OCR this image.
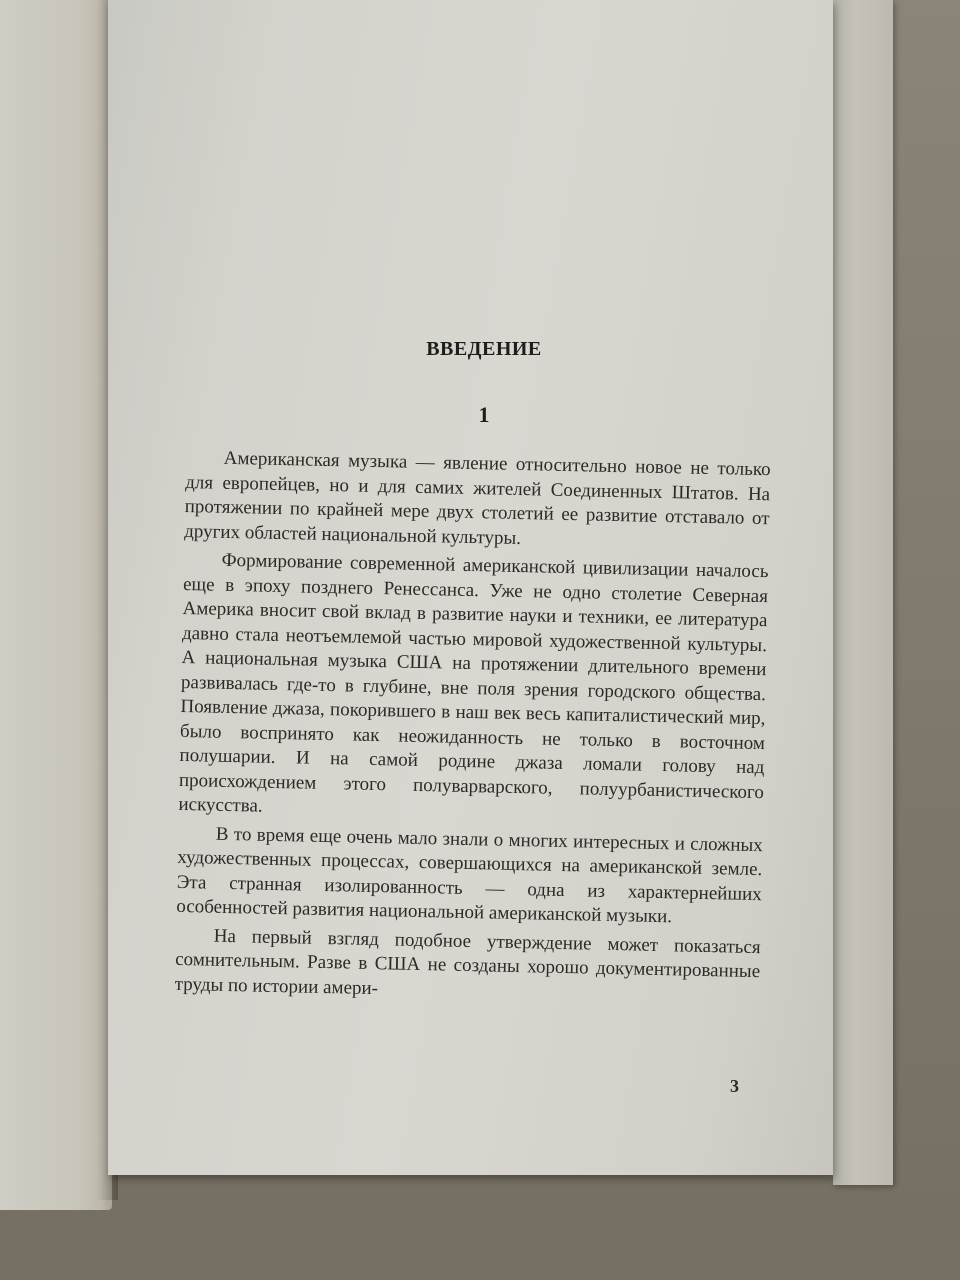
ВВЕДЕНИЕ
1

Американская музыка — явление относительно новое не только для европейцев, но и для самих жителей Соединенных Штатов. На протяжении по крайней мере двух столетий ее развитие отставало от других областей национальной культуры.

Формирование современной американской цивилизации началось еще в эпоху позднего Ренессанса. Уже не одно столетие Северная Америка вносит свой вклад в развитие науки и техники, ее литература давно стала неотъемлемой частью мировой художественной культуры. А национальная музыка США на протяжении длительного времени развивалась где-то в глубине, вне поля зрения городского общества. Появление джаза, покорившего в наш век весь капиталистический мир, было воспринято как неожиданность не только в восточном полушарии. И на самой родине джаза ломали голову над происхождением этого полуварварского, полуурбанистического искусства.

В то время еще очень мало знали о многих интересных и сложных художественных процессах, совершающихся на американской земле. Эта странная изолированность — одна из характернейших особенностей развития национальной американской музыки.

На первый взгляд подобное утверждение может показаться сомнительным. Разве в США не созданы хорошо документированные труды по истории амери-

3
